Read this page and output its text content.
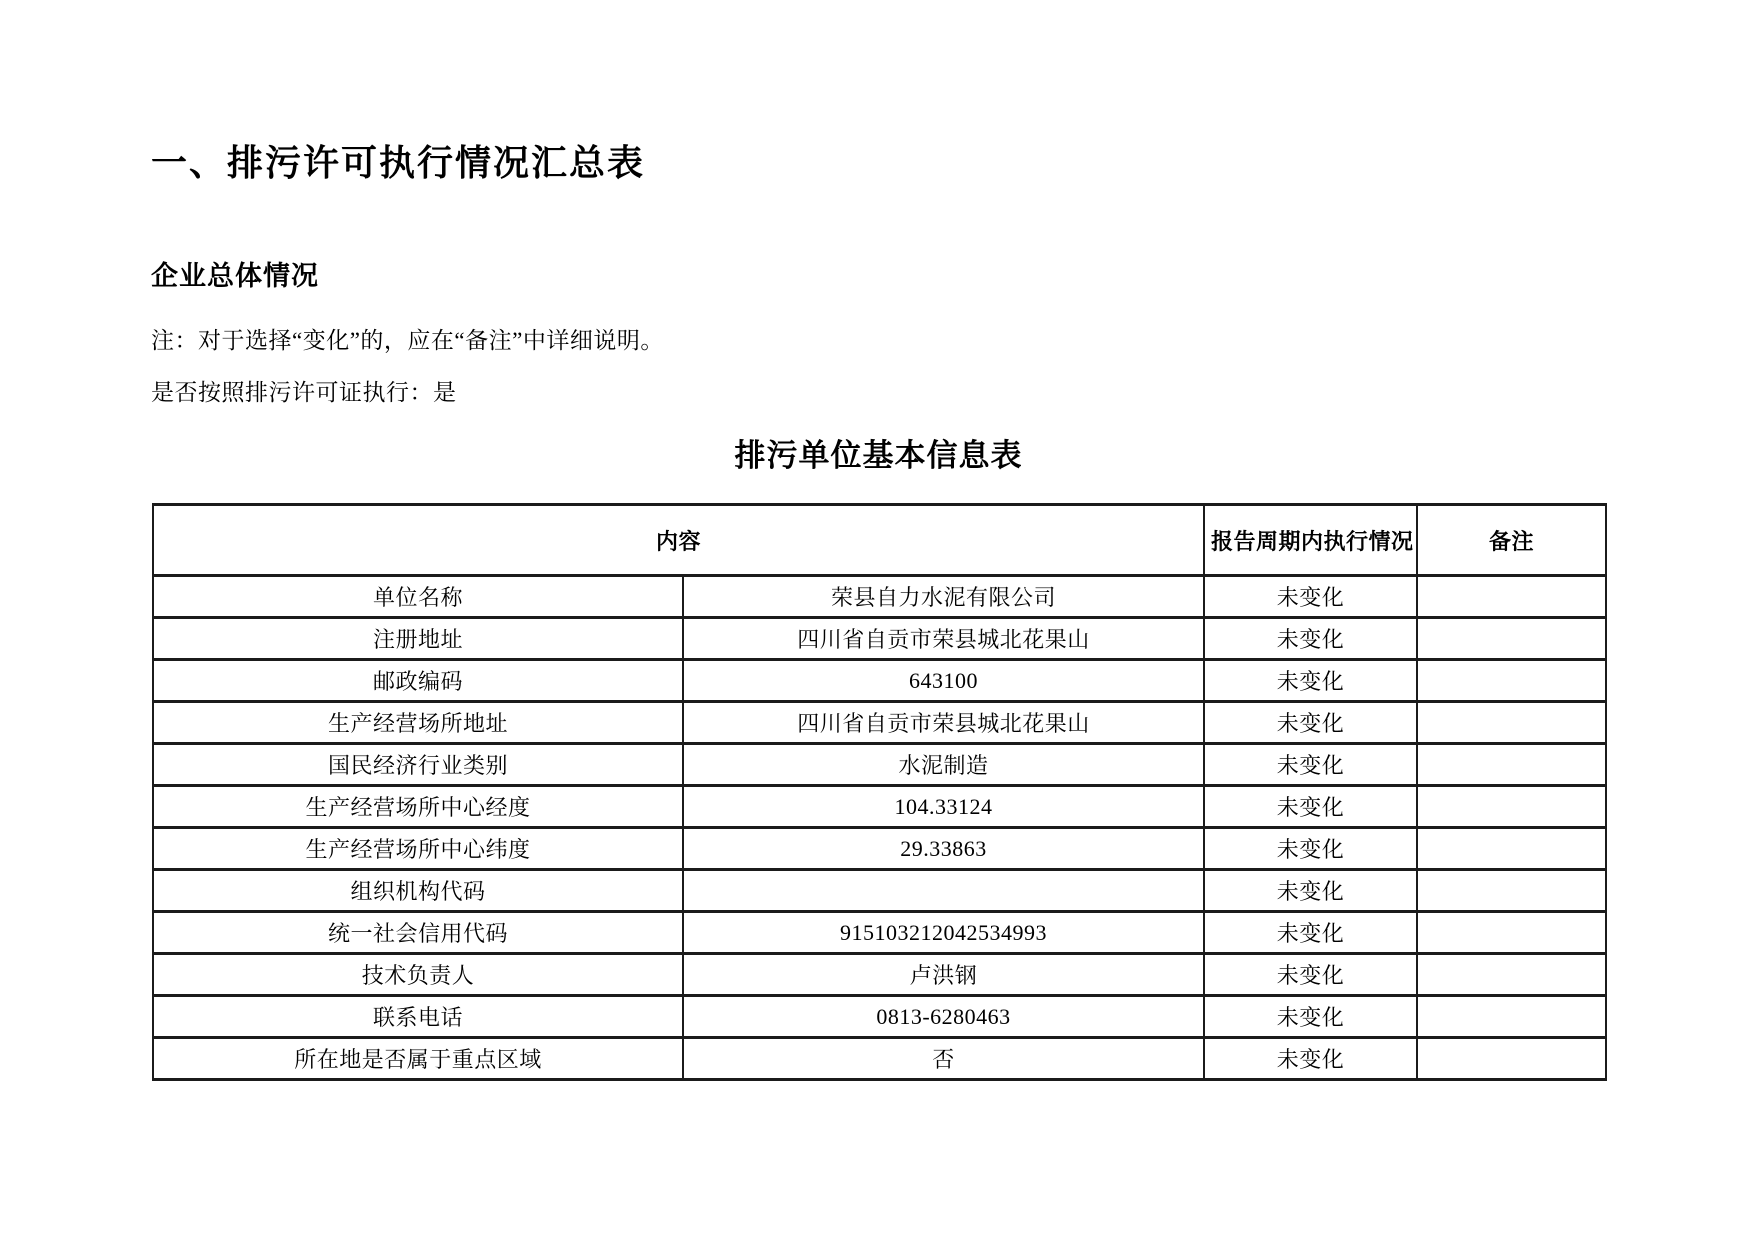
一、排污许可执行情况汇总表
企业总体情况

注：对于选择“变化”的，应在“备注”中详细说明。

是否按照排污许可证执行：是

排污单位基本信息表
内容		报告周期内执行情况	备注
单位名称	荣县自力水泥有限公司	未变化	
注册地址	四川省自贡市荣县城北花果山	未变化	
邮政编码	643100	未变化	
生产经营场所地址	四川省自贡市荣县城北花果山	未变化	
国民经济行业类别	水泥制造	未变化	
生产经营场所中心经度	104.33124	未变化	
生产经营场所中心纬度	29.33863	未变化	
组织机构代码		未变化	
统一社会信用代码	915103212042534993	未变化	
技术负责人	卢洪钢	未变化	
联系电话	0813-6280463	未变化	
所在地是否属于重点区域	否	未变化	
